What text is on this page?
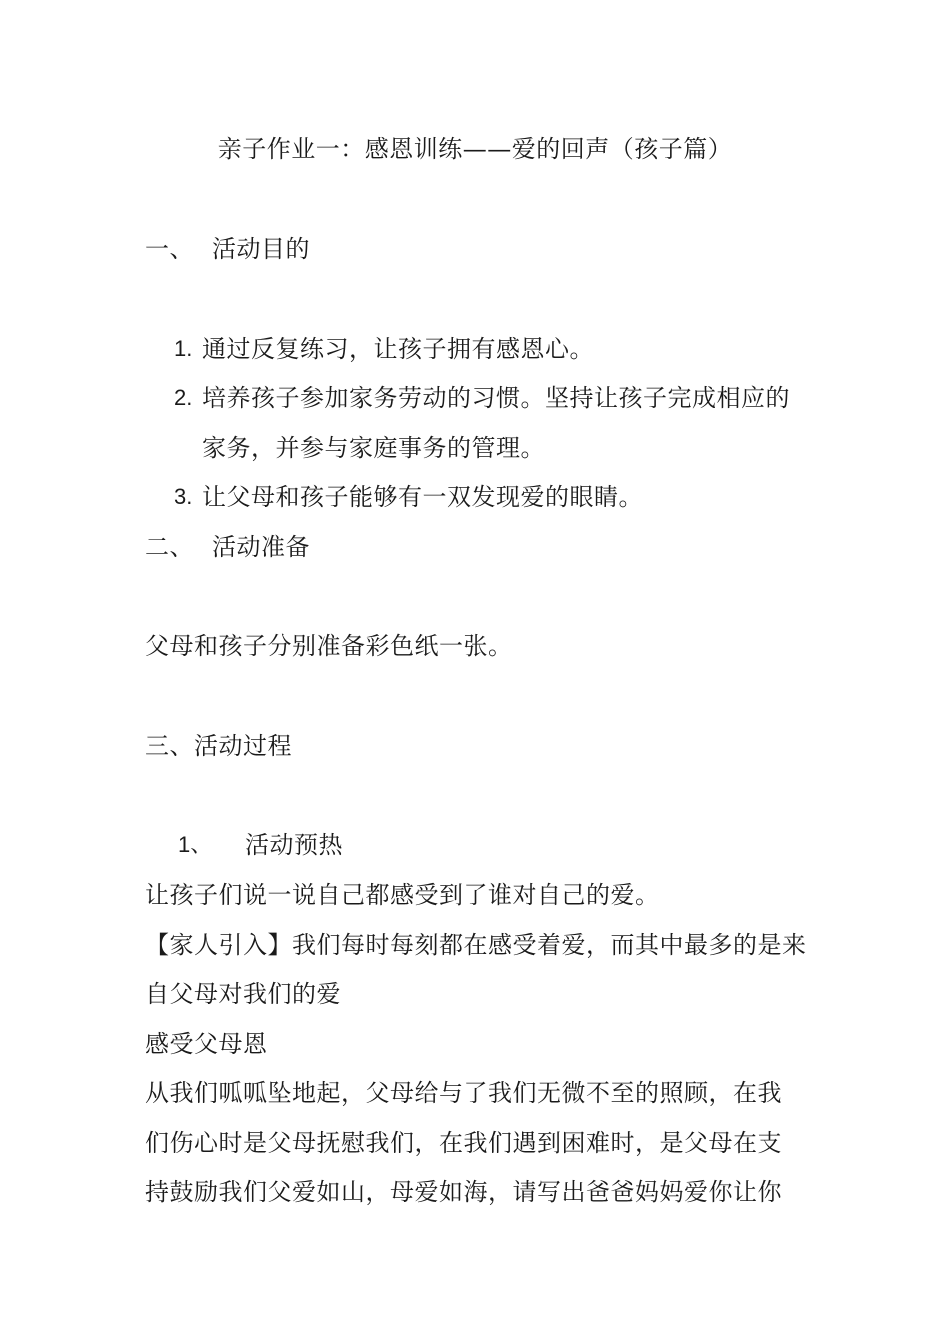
亲子作业一：感恩训练——爱的回声（孩子篇）
一、 活动目的
1. 通过反复练习，让孩子拥有感恩心。
2. 培养孩子参加家务劳动的习惯。坚持让孩子完成相应的
家务，并参与家庭事务的管理。
3. 让父母和孩子能够有一双发现爱的眼睛。
二、 活动准备
父母和孩子分别准备彩色纸一张。
三、活动过程
1、 活动预热
让孩子们说一说自己都感受到了谁对自己的爱。
【家人引入】我们每时每刻都在感受着爱，而其中最多的是来
自父母对我们的爱
感受父母恩
从我们呱呱坠地起，父母给与了我们无微不至的照顾，在我
们伤心时是父母抚慰我们，在我们遇到困难时，是父母在支
持鼓励我们父爱如山，母爱如海，请写出爸爸妈妈爱你让你
